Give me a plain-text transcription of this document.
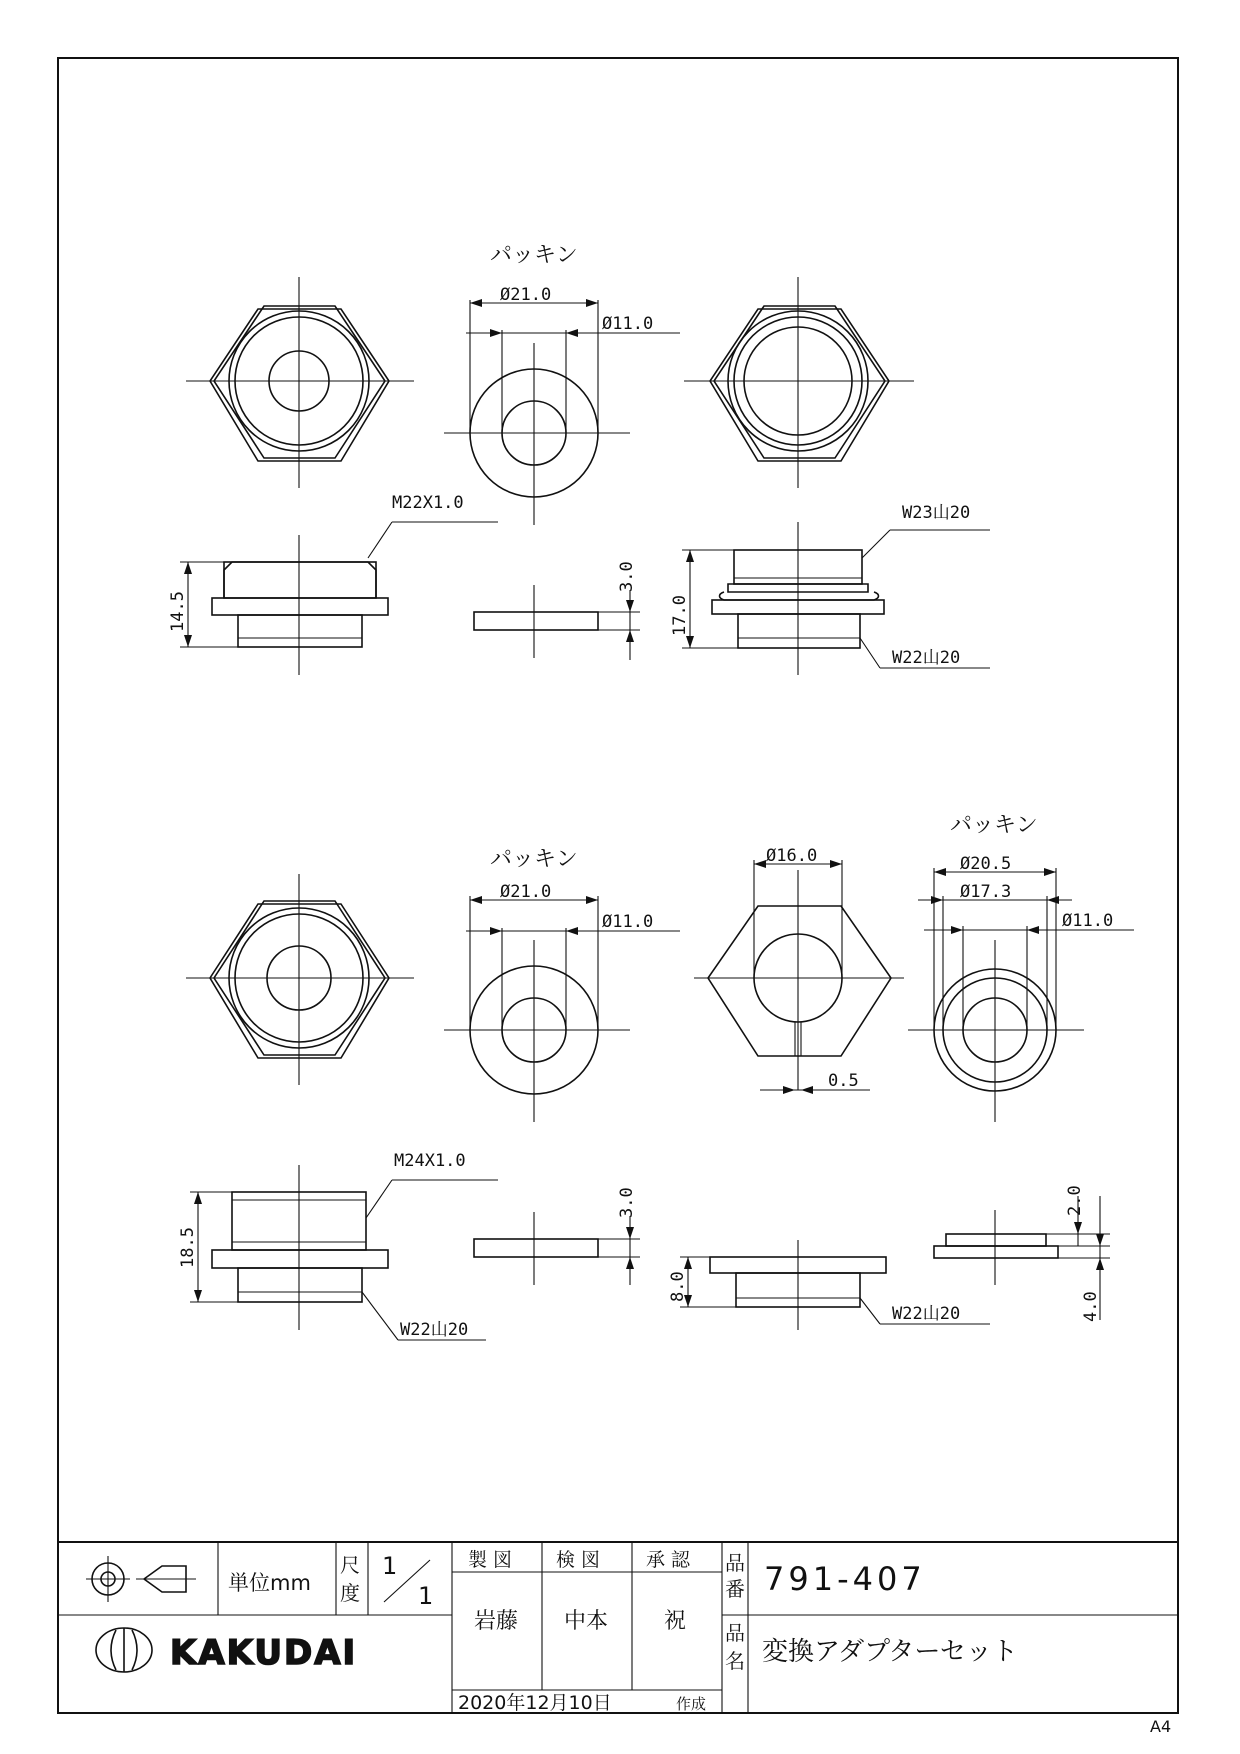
パッキン
Ø21.0
Ø11.0
14.5
M22X1.0
3.0
17.0
W23山20
W22山20
パッキン
Ø21.0
Ø11.0
Ø16.0
0.5
パッキン
Ø20.5
Ø17.3
Ø11.0
18.5
M24X1.0
W22山20
3.0
8.0
W22山20
2.0
4.0
単位mm
尺
度
1
1
製 図 検 図 承 認
岩藤 中本	祝
品
番 791-407
品
名 変換アダプターセット
KAKUDAI
2020年12月10日	作成
A4
